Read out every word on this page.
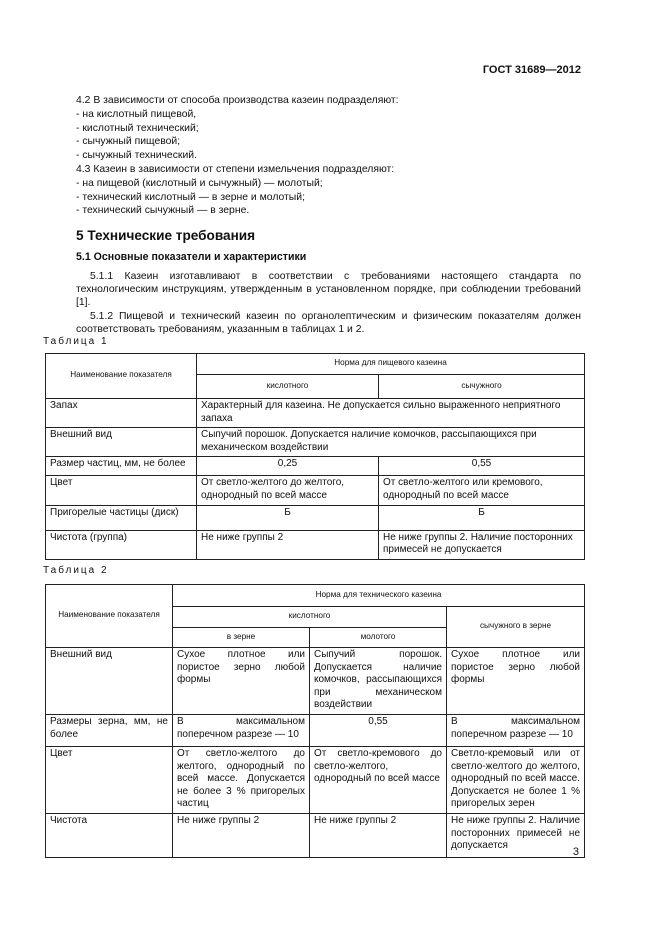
ГОСТ 31689—2012
4.2 В зависимости от способа производства казеин подразделяют:
- на кислотный пищевой,
- кислотный технический;
- сычужный пищевой;
- сычужный технический.
4.3 Казеин в зависимости от степени измельчения подразделяют:
- на пищевой (кислотный и сычужный) — молотый;
- технический кислотный — в зерне и молотый;
- технический сычужный — в зерне.
5 Технические требования
5.1 Основные показатели и характеристики

5.1.1 Казеин изготавливают в соответствии с требованиями настоящего стандарта по технологическим инструкциям, утвержденным в установленном порядке, при соблюдении требований [1].

5.1.2 Пищевой и технический казеин по органолептическим и физическим показателям должен соответствовать требованиям, указанным в таблицах 1 и 2.

Таблица 1
Наименование показателя	Норма для пищевого казеина	
	кислотного	сычужного
Запах	Характерный для казеина. Не допускается сильно выраженного неприятного запаха	
Внешний вид	Сыпучий порошок. Допускается наличие комочков, рассыпающихся при механическом воздействии	
Размер частиц, мм, не более	0,25	0,55
Цвет	От светло-желтого до желтого, однородный по всей массе	От светло-желтого или кремового, однородный по всей массе
Пригорелые частицы (диск)	Б	Б
Чистота (группа)	Не ниже группы 2	Не ниже группы 2. Наличие посторонних примесей не допускается
Таблица 2
Наименование показателя	Норма для технического казеина		
	кислотного		сычужного в зерне
	в зерне	молотого	
Внешний вид	Сухое плотное или пористое зерно любой формы	Сыпучий порошок. Допускается наличие комочков, рассыпающихся при механическом воздействии	Сухое плотное или пористое зерно любой формы
Размеры зерна, мм, не более	В максимальном поперечном разрезе — 10	0,55	В максимальном поперечном разрезе — 10
Цвет	От светло-желтого до желтого, однородный по всей массе. Допускается не более 3 % пригорелых частиц	От светло-кремового до светло-желтого, однородный по всей массе	Светло-кремовый или от светло-желтого до желтого, однородный по всей массе. Допускается не более 1 % пригорелых зерен
Чистота	Не ниже группы 2	Не ниже группы 2	Не ниже группы 2. Наличие посторонних примесей не допускается
3
